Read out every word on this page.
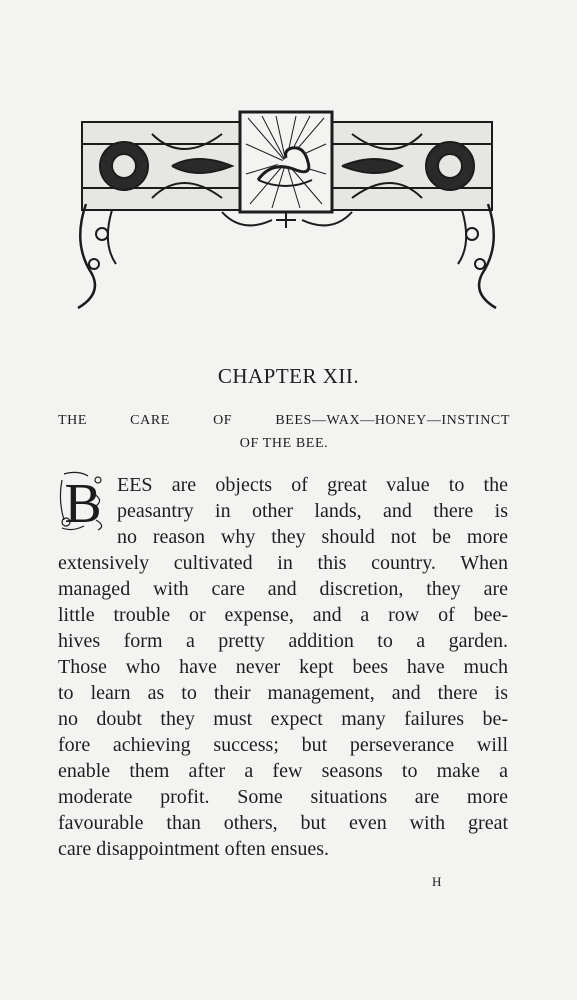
CHAPTER XII.
THE CARE OF BEES—WAX—HONEY—INSTINCT
OF THE BEE.
B EES are objects of great value to the
peasantry in other lands, and there is
no reason why they should not be more
extensively cultivated in this country. When
managed with care and discretion, they are
little trouble or expense, and a row of bee-
hives form a pretty addition to a garden.
Those who have never kept bees have much
to learn as to their management, and there is
no doubt they must expect many failures be-
fore achieving success; but perseverance will
enable them after a few seasons to make a
moderate profit. Some situations are more
favourable than others, but even with great
care disappointment often ensues.
H
